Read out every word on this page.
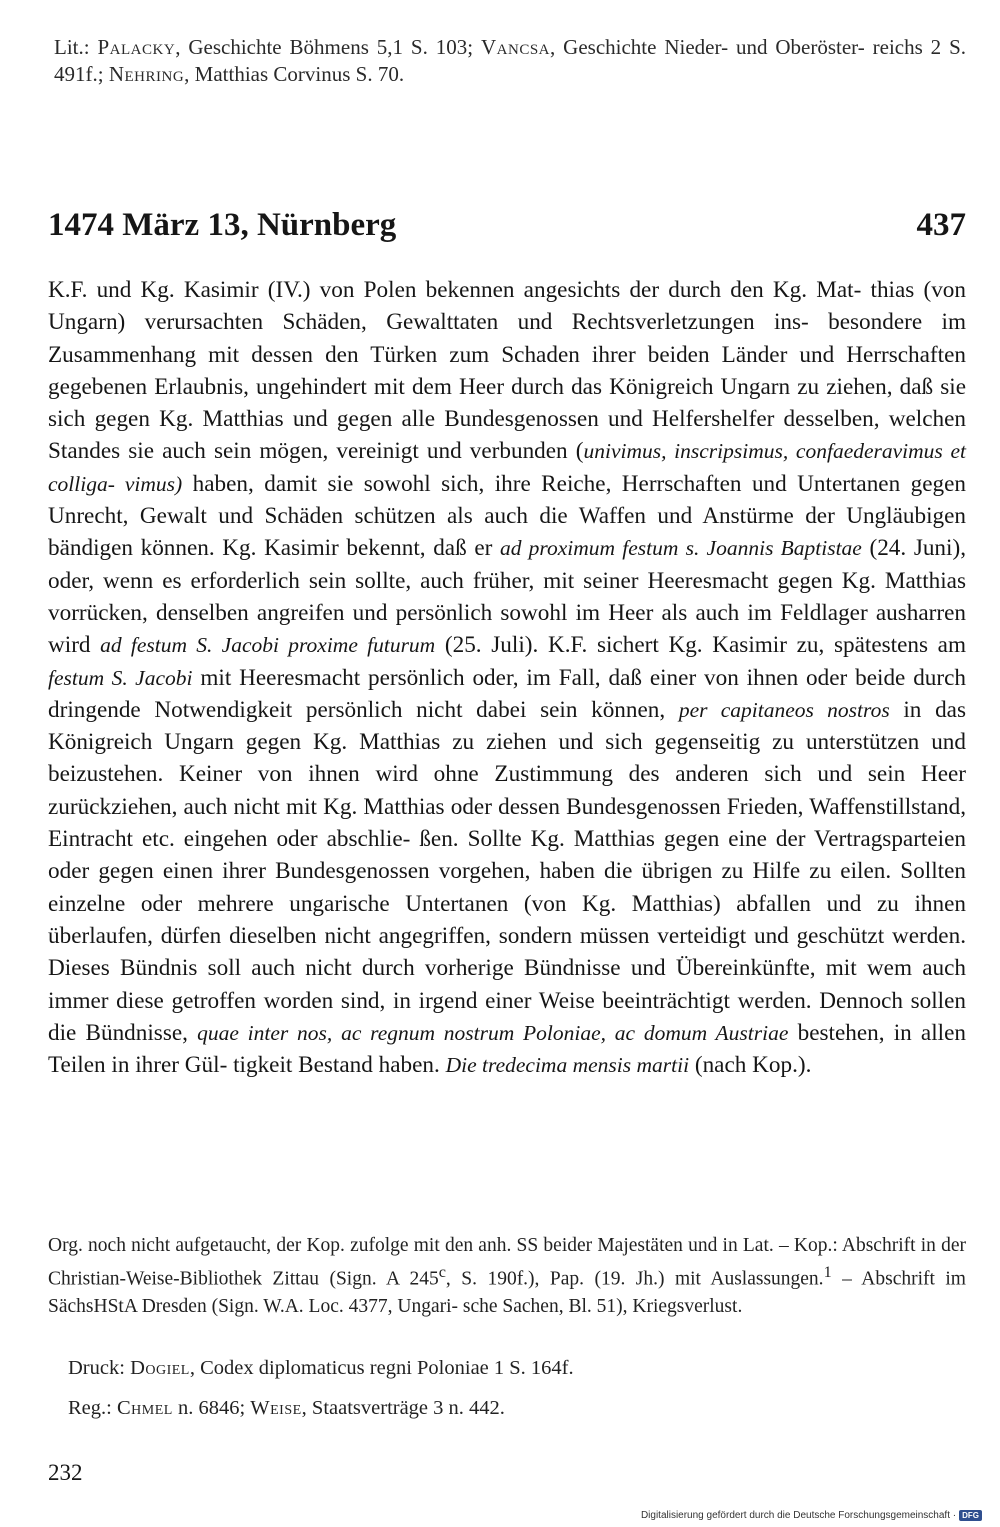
Lit.: Palacky, Geschichte Böhmens 5,1 S. 103; Vancsa, Geschichte Nieder- und Oberöster- reichs 2 S. 491f.; Nehring, Matthias Corvinus S. 70.
1474 März 13, Nürnberg	437
K.F. und Kg. Kasimir (IV.) von Polen bekennen angesichts der durch den Kg. Mat- thias (von Ungarn) verursachten Schäden, Gewalttaten und Rechtsverletzungen ins- besondere im Zusammenhang mit dessen den Türken zum Schaden ihrer beiden Länder und Herrschaften gegebenen Erlaubnis, ungehindert mit dem Heer durch das Königreich Ungarn zu ziehen, daß sie sich gegen Kg. Matthias und gegen alle Bundesgenossen und Helfershelfer desselben, welchen Standes sie auch sein mögen, vereinigt und verbunden (univimus, inscripsimus, confaederavimus et colliga- vimus) haben, damit sie sowohl sich, ihre Reiche, Herrschaften und Untertanen gegen Unrecht, Gewalt und Schäden schützen als auch die Waffen und Anstürme der Ungläubigen bändigen können. Kg. Kasimir bekennt, daß er ad proximum festum s. Joannis Baptistae (24. Juni), oder, wenn es erforderlich sein sollte, auch früher, mit seiner Heeresmacht gegen Kg. Matthias vorrücken, denselben angreifen und persönlich sowohl im Heer als auch im Feldlager ausharren wird ad festum S. Jacobi proxime futurum (25. Juli). K.F. sichert Kg. Kasimir zu, spätestens am festum S. Jacobi mit Heeresmacht persönlich oder, im Fall, daß einer von ihnen oder beide durch dringende Notwendigkeit persönlich nicht dabei sein können, per capitaneos nostros in das Königreich Ungarn gegen Kg. Matthias zu ziehen und sich gegenseitig zu unterstützen und beizustehen. Keiner von ihnen wird ohne Zustimmung des anderen sich und sein Heer zurückziehen, auch nicht mit Kg. Matthias oder dessen Bundesgenossen Frieden, Waffenstillstand, Eintracht etc. eingehen oder abschlie- ßen. Sollte Kg. Matthias gegen eine der Vertragsparteien oder gegen einen ihrer Bundesgenossen vorgehen, haben die übrigen zu Hilfe zu eilen. Sollten einzelne oder mehrere ungarische Untertanen (von Kg. Matthias) abfallen und zu ihnen überlaufen, dürfen dieselben nicht angegriffen, sondern müssen verteidigt und geschützt werden. Dieses Bündnis soll auch nicht durch vorherige Bündnisse und Übereinkünfte, mit wem auch immer diese getroffen worden sind, in irgend einer Weise beeinträchtigt werden. Dennoch sollen die Bündnisse, quae inter nos, ac regnum nostrum Poloniae, ac domum Austriae bestehen, in allen Teilen in ihrer Gül- tigkeit Bestand haben. Die tredecima mensis martii (nach Kop.).
Org. noch nicht aufgetaucht, der Kop. zufolge mit den anh. SS beider Majestäten und in Lat. – Kop.: Abschrift in der Christian-Weise-Bibliothek Zittau (Sign. A 245$^c$, S. 190f.), Pap. (19. Jh.) mit Auslassungen.$^1$ – Abschrift im SächsHStA Dresden (Sign. W.A. Loc. 4377, Ungari- sche Sachen, Bl. 51), Kriegsverlust.
Druck: Dogiel, Codex diplomaticus regni Poloniae 1 S. 164f.
Reg.: Chmel n. 6846; Weise, Staatsverträge 3 n. 442.
232
Digitalisierung gefördert durch die Deutsche Forschungsgemeinschaft · DFG
